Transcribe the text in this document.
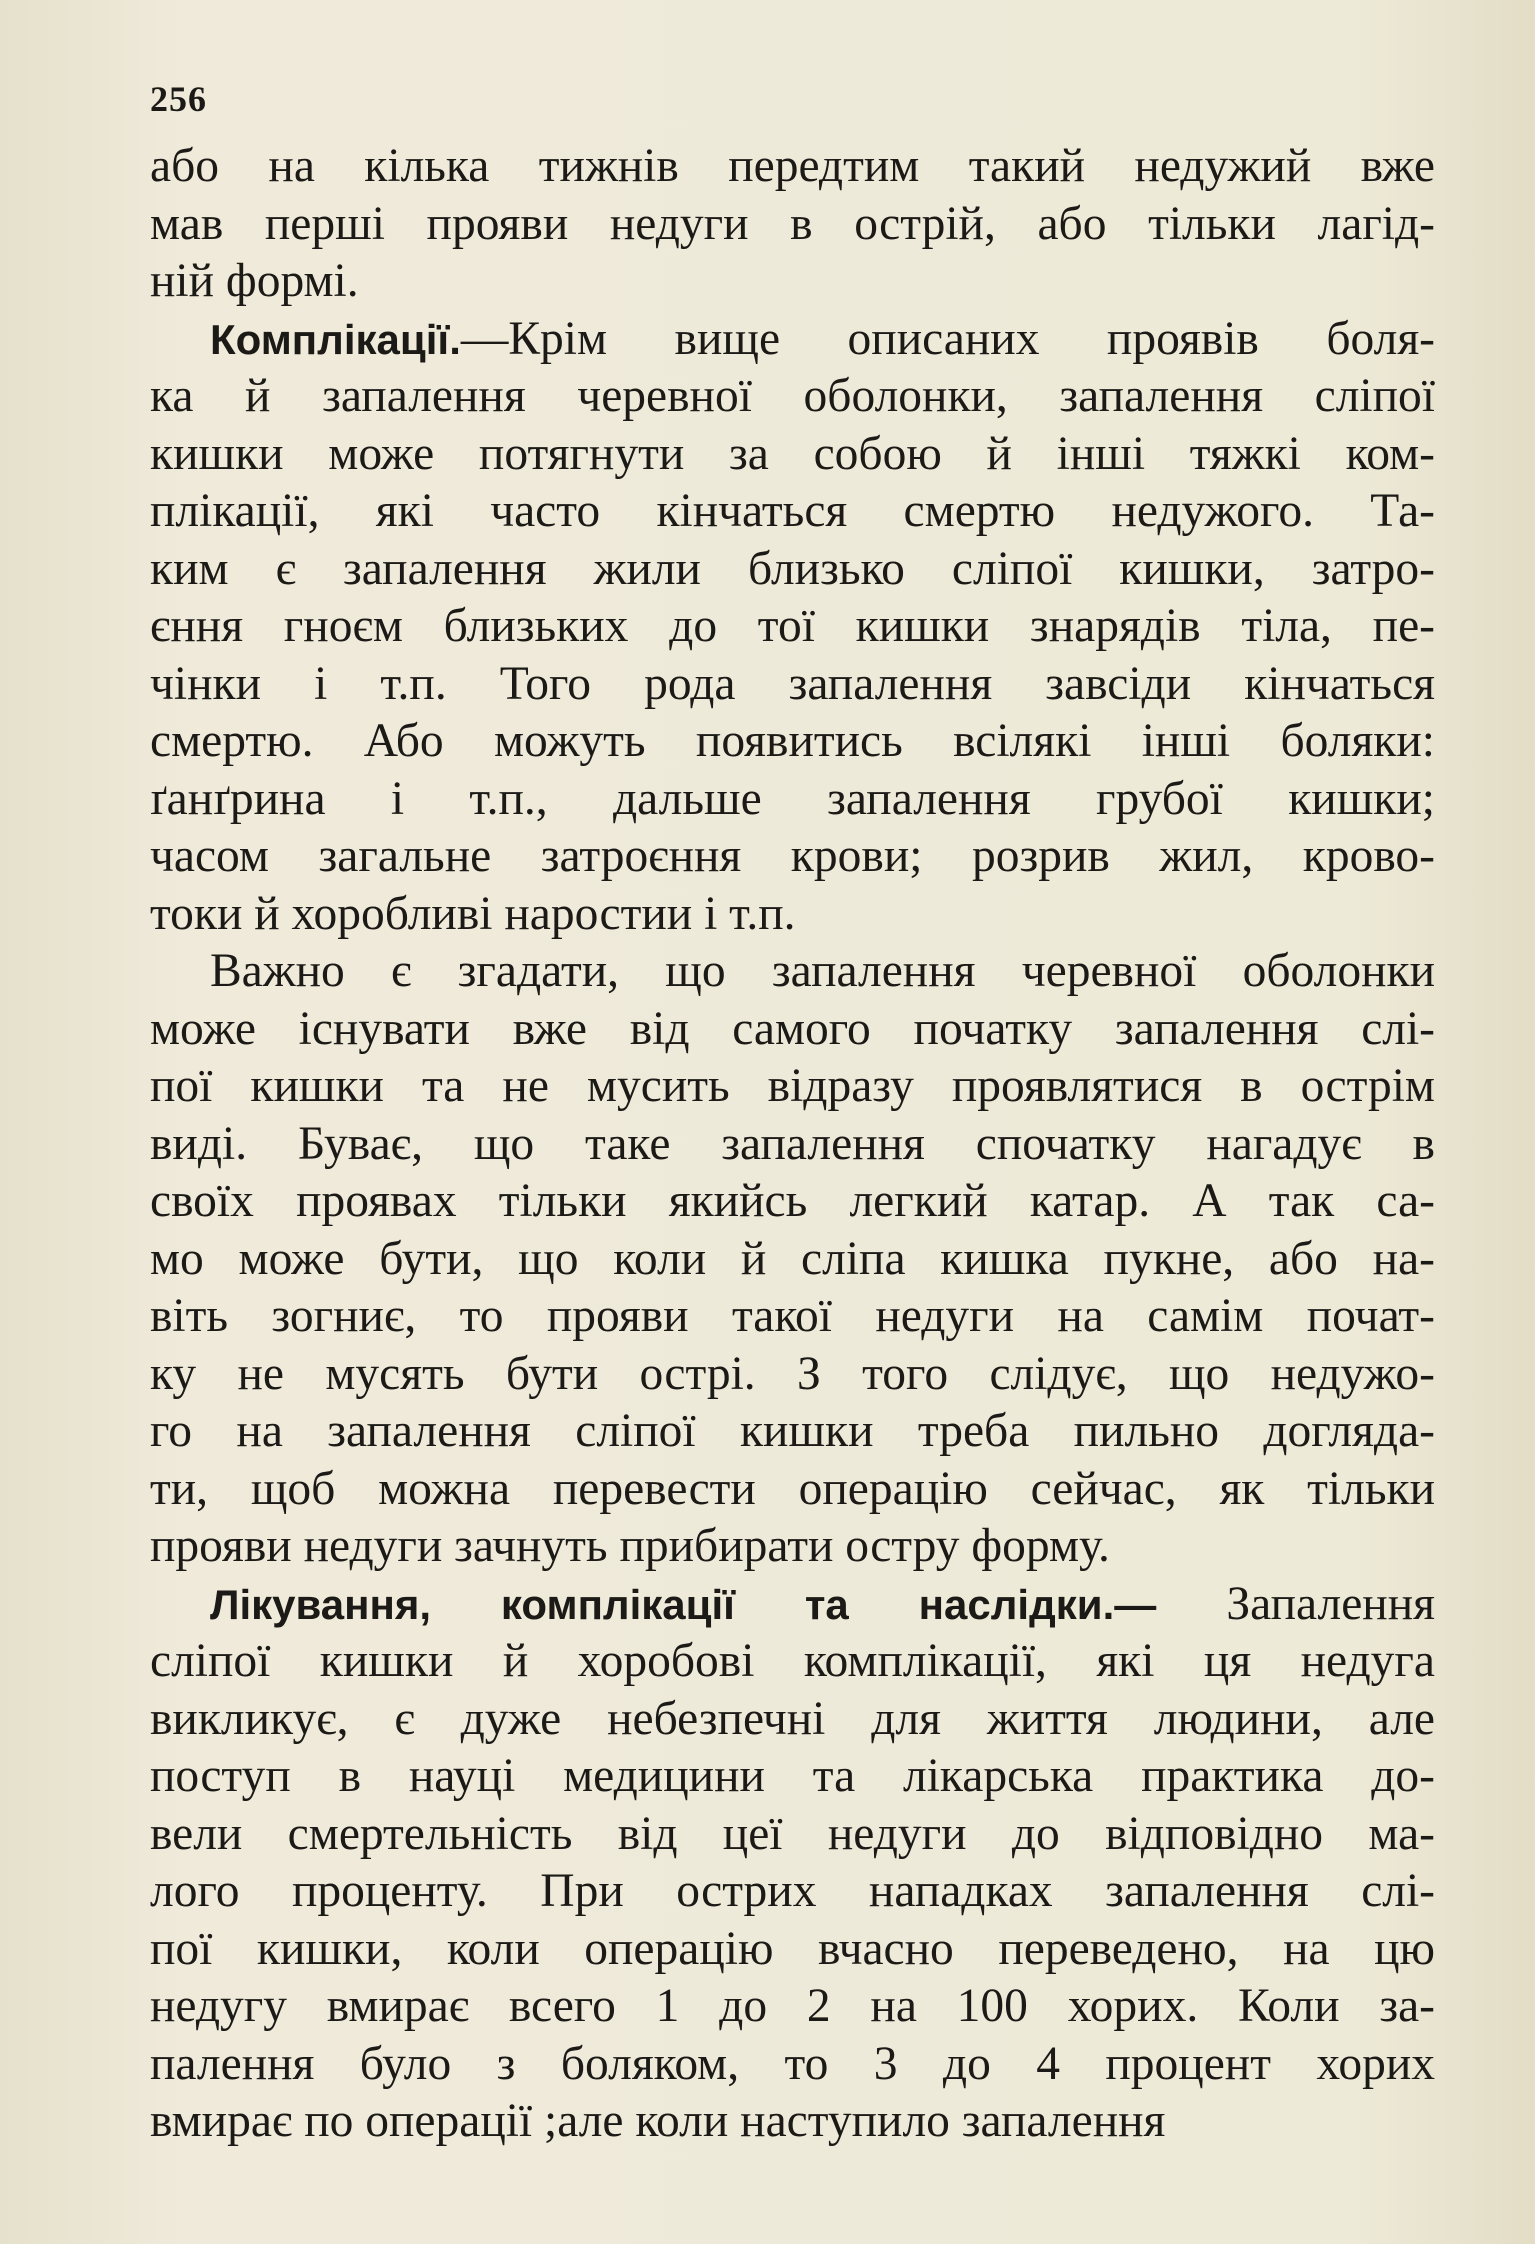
256
або на кілька тижнів передтим такий недужий вже
мав перші прояви недуги в острій, або тільки лагід-
ній формі.
Комплікації.—Крім вище описаних проявів боля-
ка й запалення черевної оболонки, запалення сліпої
кишки може потягнути за собою й інші тяжкі ком-
плікації, які часто кінчаться смертю недужого. Та-
ким є запалення жили близько сліпої кишки, затро-
єння гноєм близьких до тої кишки знарядів тіла, пе-
чінки і т.п. Того рода запалення завсіди кінчаться
смертю. Або можуть появитись всілякі інші боляки:
ґанґрина і т.п., дальше запалення грубої кишки;
часом загальне затроєння крови; розрив жил, крово-
токи й хоробливі наростии і т.п.
Важно є згадати, що запалення черевної оболонки
може існувати вже від самого початку запалення слі-
пої кишки та не мусить відразу проявлятися в острім
виді. Буває, що таке запалення спочатку нагадує в
своїх проявах тільки якийсь легкий катар. А так са-
мо може бути, що коли й сліпа кишка пукне, або на-
віть зогниє, то прояви такої недуги на самім почат-
ку не мусять бути острі. З того слідує, що недужо-
го на запалення сліпої кишки треба пильно догляда-
ти, щоб можна перевести операцію сейчас, як тільки
прояви недуги зачнуть прибирати остру форму.
Лікування, комплікації та наслідки.— Запалення
сліпої кишки й хоробові комплікації, які ця недуга
викликує, є дуже небезпечні для життя людини, але
поступ в науці медицини та лікарська практика до-
вели смертельність від цеї недуги до відповідно ма-
лого проценту. При острих нападках запалення слі-
пої кишки, коли операцію вчасно переведено, на цю
недугу вмирає всего 1 до 2 на 100 хорих. Коли за-
палення було з боляком, то 3 до 4 процент хорих
вмирає по операції ;але коли наступило запалення
